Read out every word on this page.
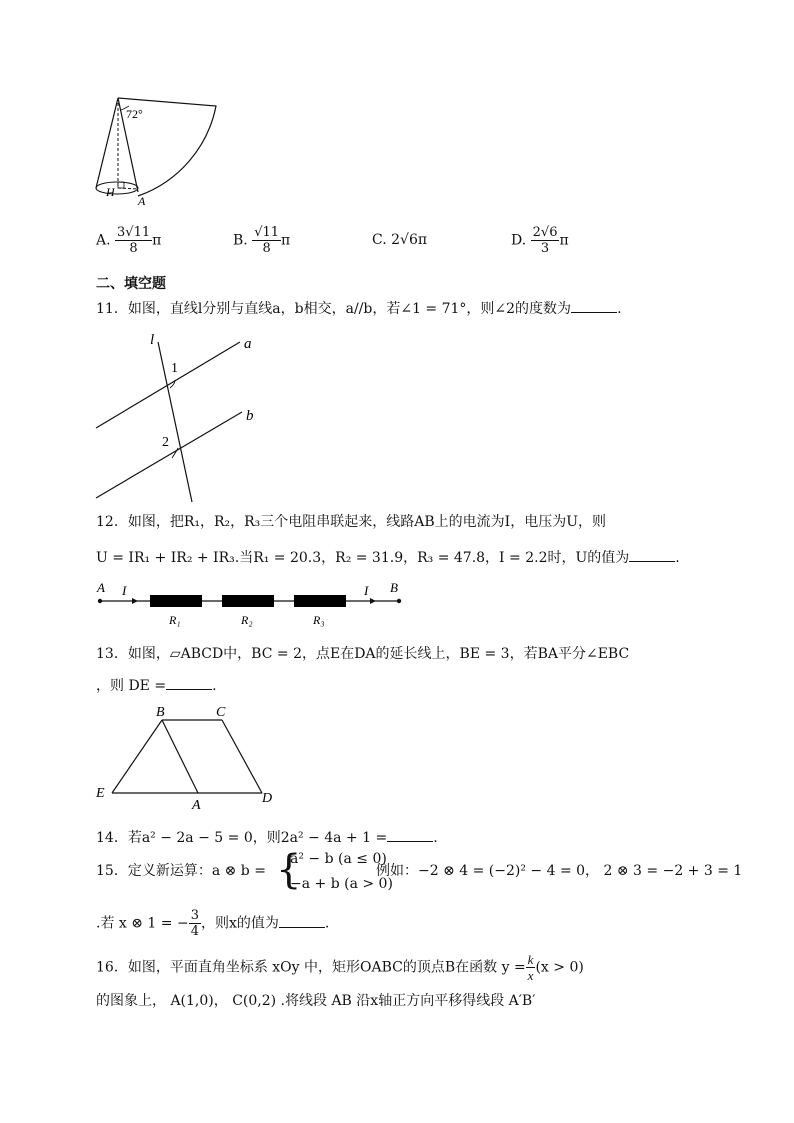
72°
H
A
A. $\frac{3√11}{8}$ π	B. $\frac{√11}{8}$ π	C. 2√6π	D. $\frac{2√6}{3}$ π
二、填空题
11．如图，直线l分别与直线a，b相交，a//b，若∠1 = 71°，则∠2的度数为	.
l	a
b
1
2
12．如图，把R₁，R₂，R₃三个电阻串联起来，线路AB上的电流为I，电压为U，则
U = IR₁ + IR₂ + IR₃.当R₁ = 20.3，R₂ = 31.9，R₃ = 47.8，I = 2.2时，U的值为	.
A I	I B
R₁	R₂	R₃
13．如图，▱ABCD中，BC = 2，点E在DA的延长线上，BE = 3，若BA平分∠EBC
，则 DE =	.
B	C
E
A	D
14．若a² − 2a − 5 = 0，则2a² − 4a + 1 =	.
15．定义新运算：a ⊗ b = {
a² − b (a ≤ 0)
−a + b (a > 0)
例如：−2 ⊗ 4 = (−2)² − 4 = 0， 2 ⊗ 3 = −2 + 3 = 1
.若 x ⊗ 1 = − $\frac{3}{4}$ ，则x的值为	.
16．如图，平面直角坐标系 xOy 中，矩形OABC的顶点B在函数 $y = \frac{k}{x} (x > 0)$
的图象上， A(1,0)， C(0,2) .将线段 AB 沿x轴正方向平移得线段 A′B′
